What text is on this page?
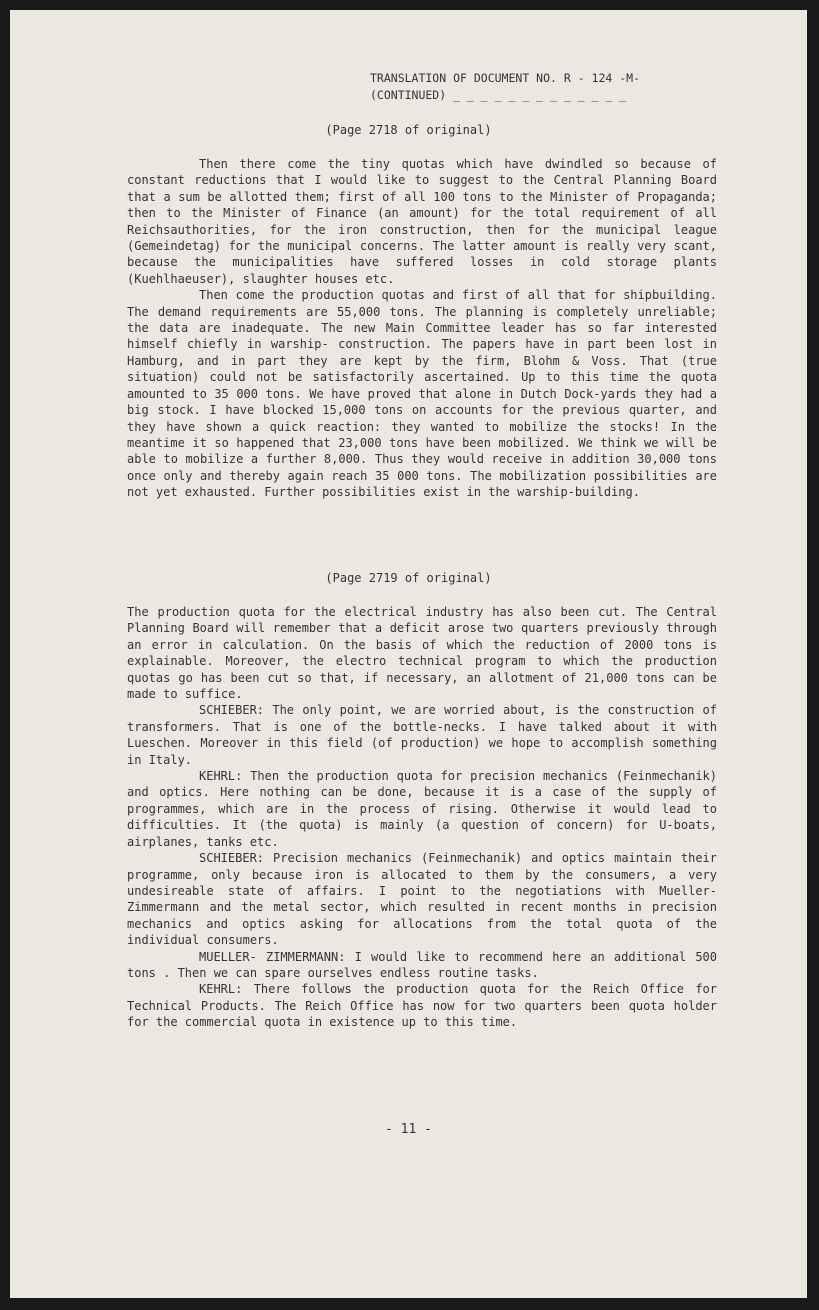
TRANSLATION OF DOCUMENT NO. R - 124 -M-
(CONTINUED) _ _ _ _ _ _ _ _ _ _ _ _ _
(Page 2718 of original)

Then there come the tiny quotas which have dwindled so because of constant reductions that I would like to suggest to the Central Planning Board that a sum be allotted them; first of all 100 tons to the Minister of Propaganda; then to the Minister of Finance (an amount) for the total requirement of all Reichsauthorities, for the iron construction, then for the municipal league (Gemeindetag) for the municipal concerns. The latter amount is really very scant, because the municipalities have suffered losses in cold storage plants (Kuehlhaeuser), slaughter houses etc.

Then come the production quotas and first of all that for shipbuilding. The demand requirements are 55,000 tons. The planning is completely unreliable; the data are inadequate. The new Main Committee leader has so far interested himself chiefly in warship- construction. The papers have in part been lost in Hamburg, and in part they are kept by the firm, Blohm & Voss. That (true situation) could not be satisfactorily ascertained. Up to this time the quota amounted to 35 000 tons. We have proved that alone in Dutch Dock-yards they had a big stock. I have blocked 15,000 tons on accounts for the previous quarter, and they have shown a quick reaction: they wanted to mobilize the stocks! In the meantime it so happened that 23,000 tons have been mobilized. We think we will be able to mobilize a further 8,000. Thus they would receive in addition 30,000 tons once only and thereby again reach 35 000 tons. The mobilization possibilities are not yet exhausted. Further possibilities exist in the warship-building.

(Page 2719 of original)

The production quota for the electrical industry has also been cut. The Central Planning Board will remember that a deficit arose two quarters previously through an error in calculation. On the basis of which the reduction of 2000 tons is explainable. Moreover, the electro technical program to which the production quotas go has been cut so that, if necessary, an allotment of 21,000 tons can be made to suffice.

SCHIEBER: The only point, we are worried about, is the construction of transformers. That is one of the bottle-necks. I have talked about it with Lueschen. Moreover in this field (of production) we hope to accomplish something in Italy.

KEHRL: Then the production quota for precision mechanics (Feinmechanik) and optics. Here nothing can be done, because it is a case of the supply of programmes, which are in the process of rising. Otherwise it would lead to difficulties. It (the quota) is mainly (a question of concern) for U-boats, airplanes, tanks etc.

SCHIEBER: Precision mechanics (Feinmechanik) and optics maintain their programme, only because iron is allocated to them by the consumers, a very undesireable state of affairs. I point to the negotiations with Mueller-Zimmermann and the metal sector, which resulted in recent months in precision mechanics and optics asking for allocations from the total quota of the individual consumers.

MUELLER- ZIMMERMANN: I would like to recommend here an additional 500 tons . Then we can spare ourselves endless routine tasks.

KEHRL: There follows the production quota for the Reich Office for Technical Products. The Reich Office has now for two quarters been quota holder for the commercial quota in existence up to this time.

- 11 -
